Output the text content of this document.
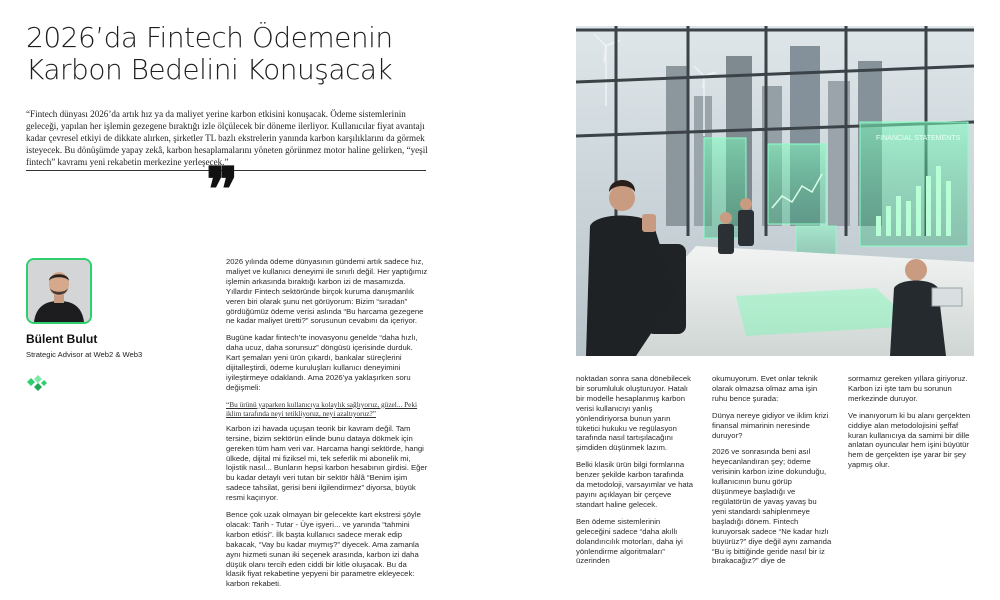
2026’da Fintech Ödemenin
Karbon Bedelini Konuşacak
“Fintech dünyası 2026’da artık hız ya da maliyet yerine karbon etkisini konuşacak. Ödeme sistemlerinin geleceği, yapılan her işlemin gezegene bıraktığı izle ölçülecek bir döneme ilerliyor. Kullanıcılar fiyat avantajı kadar çevresel etkiyi de dikkate alırken, şirketler TL bazlı ekstrelerin yanında karbon karşılıklarını da görmek isteyecek. Bu dönüşümde yapay zekâ, karbon hesaplamalarını yöneten görünmez motor haline gelirken, “yeşil fintech” kavramı yeni rekabetin merkezine yerleşecek.”
❞
Bülent Bulut
Strategic Advisor at Web2 & Web3

2026 yılında ödeme dünyasının gündemi artık sadece hız, maliyet ve kullanıcı deneyimi ile sınırlı değil. Her yaptığımız işlemin arkasında bıraktığı karbon izi de masamızda. Yıllardır Fintech sektöründe birçok kuruma danışmanlık veren biri olarak şunu net görüyorum: Bizim “sıradan” gördüğümüz ödeme verisi aslında “Bu harcama gezegene ne kadar maliyet üretti?” sorusunun cevabını da içeriyor.

Bugüne kadar fintech’te inovasyonu genelde “daha hızlı, daha ucuz, daha sorunsuz” döngüsü içerisinde durduk. Kart şemaları yeni ürün çıkardı, bankalar süreçlerini dijitalleştirdi, ödeme kuruluşları kullanıcı deneyimini iyileştirmeye odaklandı. Ama 2026’ya yaklaşırken soru değişmeli:

“Bu ürünü yaparken kullanıcıya kolaylık sağlıyoruz, güzel... Peki iklim tarafında neyi tetikliyoruz, neyi azaltıyoruz?”

Karbon izi havada uçuşan teorik bir kavram değil. Tam tersine, bizim sektörün elinde bunu dataya dökmek için gereken tüm ham veri var. Harcama hangi sektörde, hangi ülkede, dijital mi fiziksel mi, tek seferlik mi abonelik mi, lojistik nasıl... Bunların hepsi karbon hesabının girdisi. Eğer bu kadar detaylı veri tutan bir sektör hâlâ “Benim işim sadece tahsilat, gerisi beni ilgilendirmez” diyorsa, büyük resmi kaçırıyor.

Bence çok uzak olmayan bir gelecekte kart ekstresi şöyle olacak: Tarih - Tutar - Üye işyeri... ve yanında “tahmini karbon etkisi”. İlk başta kullanıcı sadece merak edip bakacak, “Vay bu kadar mıymış?” diyecek. Ama zamanla aynı hizmeti sunan iki seçenek arasında, karbon izi daha düşük olanı tercih eden ciddi bir kitle oluşacak. Bu da klasik fiyat rekabetine yepyeni bir parametre ekleyecek: karbon rekabeti.

FINANCIAL STATEMENTS

noktadan sonra sana dönebilecek bir sorumluluk oluşturuyor. Hatalı bir modelle hesaplanmış karbon verisi kullanıcıyı yanlış yönlendiriyorsa bunun yarın tüketici hukuku ve regülasyon tarafında nasıl tartışılacağını şimdiden düşünmek lazım.

Belki klasik ürün bilgi formlarına benzer şekilde karbon tarafında da metodoloji, varsayımlar ve hata payını açıklayan bir çerçeve standart haline gelecek.

Ben ödeme sistemlerinin geleceğini sadece “daha akıllı dolandırıcılık motorları, daha iyi yönlendirme algoritmaları” üzerinden

okumuyorum. Evet onlar teknik olarak olmazsa olmaz ama işin ruhu bence şurada:

Dünya nereye gidiyor ve iklim krizi finansal mimarinin neresinde duruyor?

2026 ve sonrasında beni asıl heyecanlandıran şey; ödeme verisinin karbon izine dokunduğu, kullanıcının bunu görüp düşünmeye başladığı ve regülatörün de yavaş yavaş bu yeni standardı sahiplenmeye başladığı dönem. Fintech kuruyorsak sadece “Ne kadar hızlı büyürüz?” diye değil aynı zamanda “Bu iş bittiğinde geride nasıl bir iz bırakacağız?” diye de

sormamız gereken yıllara giriyoruz. Karbon izi işte tam bu sorunun merkezinde duruyor.

Ve inanıyorum ki bu alanı gerçekten ciddiye alan metodolojisini şeffaf kuran kullanıcıya da samimi bir dille anlatan oyuncular hem işini büyütür hem de gerçekten işe yarar bir şey yapmış olur.
